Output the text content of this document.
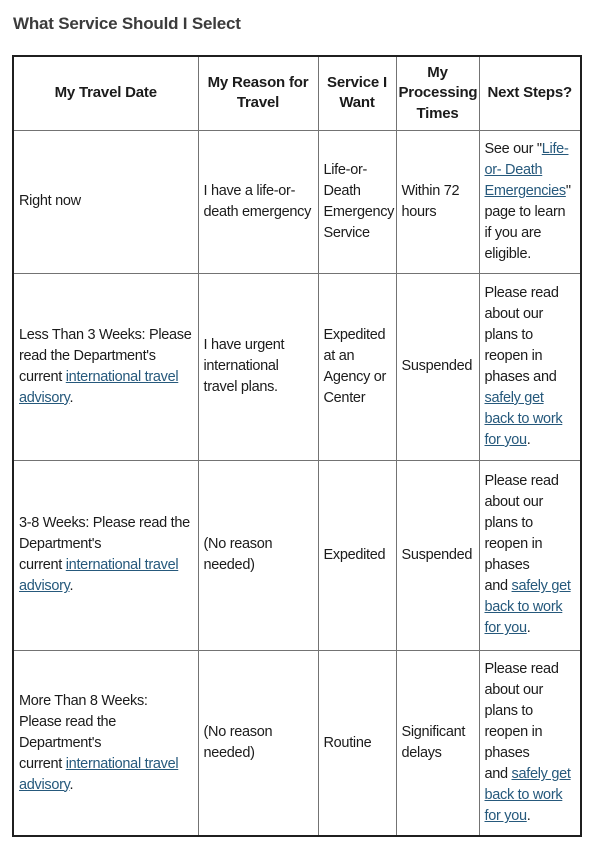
What Service Should I Select
My Travel Date	My Reason for Travel	Service I Want	My Processing Times	Next Steps?
Right now	I have a life-or-death emergency	Life-or-Death Emergency Service	Within 72 hours	See our "Life-or- Death Emergencies" page to learn if you are eligible.
Less Than 3 Weeks: Please read the Department's current international travel advisory.	I have urgent international travel plans.	Expedited at an Agency or Center	Suspended	Please read about our plans to reopen in phases and safely get back to work for you.
3-8 Weeks: Please read the Department's current international travel advisory.	(No reason needed)	Expedited	Suspended	Please read about our plans to reopen in phases and safely get back to work for you.
More Than 8 Weeks: Please read the Department's current international travel advisory.	(No reason needed)	Routine	Significant delays	Please read about our plans to reopen in phases and safely get back to work for you.
